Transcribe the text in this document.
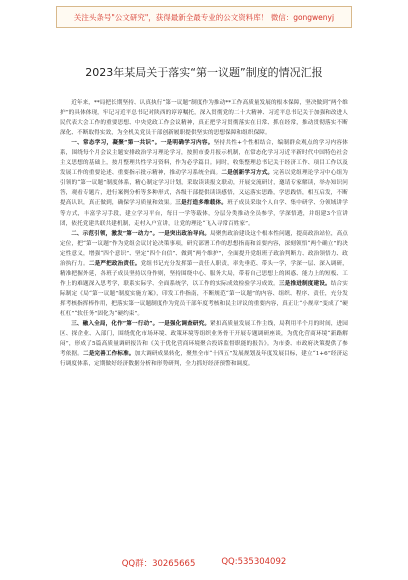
关注头条号"公文研究"，获得最新全最专业的公文资料库！ 微信：gongwenyj
2023年某局关于落实“第一议题”制度的情况汇报

近年来，**局把长期坚持、认真执行“第一议题”制度作为推动**工作高质量发展的根本保障，坚决做到“两个维护”的具体体现，牢记习近平总书记对陕西的谆谆嘱托，深入贯彻党的二十大精神、习近平总书记关于加强和改进人民代表大会工作的重要思想、中央党政工作会议精神，真正把学习贯彻落实在日常、抓在经常，推动贯彻落实不断深化、不断取得实效，为全机关党员干部创新履职提供坚实的思想保障和组织保障。

一、常态学习，凝聚“第一共识”。一是明确学习内容。坚持共性+个性相结合，编制群众观点的学习内容体系，围绕每个月会议主题安排政治学习理论学习，按照市委月报示机制，在常态化学习习近平新时代中国特色社会主义思想的基础上，按月整理共性学习资料，作为必学篇目。同时，收集整理总书记关于经济工作、项目工作以及发展工作的重要论述、重要指示批示精神，推动学习系统全面。二是创新学习方式。完善以党组理论学习中心组为引领的“第一议题”制度体系，精心制定学习计划，采取读读报文联动，开展交流研讨，邀请专家解读，举办知识问答，观看专题片，进行案例分析等多种形式，各级干部提供读读感悟，又运落实思路，学思践悟，相互启发，不断提高认识，真正做到，确保学习质量和效果。三是打造多维载体。班子成员采取个人自学、集中研学、分领域讲学等方式，丰富学习手段，建立学习平台，每日一学等载体，分层分类推动全员参学，学深悟透，并组建3个宣讲团，依托党建共联共建机制，走村入户宣讲，让党的理论“飞入寻常百姓家”。

二、示范引领，激发“第一动力”。一是突出政治导向。局聚焦政治建设这个根本性问题，提高政治站位，高点定位，把“第一议题”作为党组会议讨论决策事项，研究部署工作的思想指南和首要内容，深刻领悟“两个确立”的决定性意义，增强“四个意识”、坚定“四个自信”、做到“两个维护”，全面提升党组班子政治判断力、政治领悟力、政治执行力。二是严把政治责任。党组书记充分发挥第一责任人职责，率先垂范、带头一学，学深一层、深入调研，精准把握外延，各班子成员坚持以身作则，坚持围绕中心、服务大局，带着自己思想上的困惑、能力上的短板、工作上的难题深入思考学，联系实际学、全面系统学，以工作的实际成效检验学习成效。三是推进制度建设。结合实际制定《局“第一议题”制度实施方案》，印发工作指南，不断规范“第一议题”的内容、组织、程序、责任，充分发挥考核指挥棒作用，把落实第一议题制度作为党员干部年度考核和民主评议的重要内容，真正让“小规章”变成了“硬杠杠”“软任务”固化为“硬约束”。

三、融入全局，化作“第一行动”。一是强化调查研究。紧扣高质量发展工作主线，局利用半个月的时间，进园区、探企业、入部门，围绕优化市场环境、政策环境等组织业务骨干开展专题调研座谈，为优化营商环境“新路解闷”，形成了5篇高质量调研报告和《关于优化营商环境聚合投诉监督职能的报告》。为市委、市政府决策提供了参考依据。二是完善工作标准。加大调研成果转化，聚焦全市“十四五”发展规划及年度发展目标，建立“1+6”经济运行调度体系，定期做好经济数据分析和形势研判，全力抓好经济预警和调度。

QQ群：30265665	QQ:535304092
